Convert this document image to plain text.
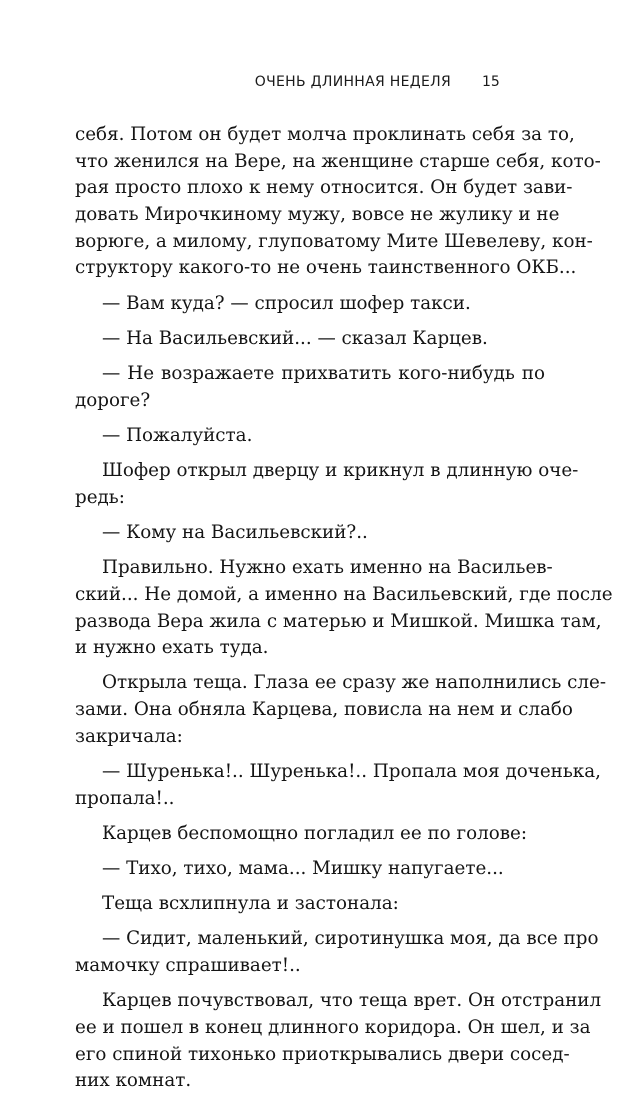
ОЧЕНЬ ДЛИННАЯ НЕДЕЛЯ 15
себя. Потом он будет молча проклинать себя за то,
что женился на Вере, на женщине старше себя, кото-
рая просто плохо к нему относится. Он будет зави-
довать Мирочкиному мужу, вовсе не жулику и не
ворюге, а милому, глуповатому Мите Шевелеву, кон-
структору какого-то не очень таинственного ОКБ...
— Вам куда? — спросил шофер такси.
— На Васильевский... — сказал Карцев.
— Не возражаете прихватить кого-нибудь по
дороге?
— Пожалуйста.
Шофер открыл дверцу и крикнул в длинную оче-
редь:
— Кому на Васильевский?..
Правильно. Нужно ехать именно на Васильев-
ский... Не домой, а именно на Васильевский, где после
развода Вера жила с матерью и Мишкой. Мишка там,
и нужно ехать туда.
Открыла теща. Глаза ее сразу же наполнились сле-
зами. Она обняла Карцева, повисла на нем и слабо
закричала:
— Шуренька!.. Шуренька!.. Пропала моя доченька,
пропала!..
Карцев беспомощно погладил ее по голове:
— Тихо, тихо, мама... Мишку напугаете...
Теща всхлипнула и застонала:
— Сидит, маленький, сиротинушка моя, да все про
мамочку спрашивает!..
Карцев почувствовал, что теща врет. Он отстранил
ее и пошел в конец длинного коридора. Он шел, и за
его спиной тихонько приоткрывались двери сосед-
них комнат.
